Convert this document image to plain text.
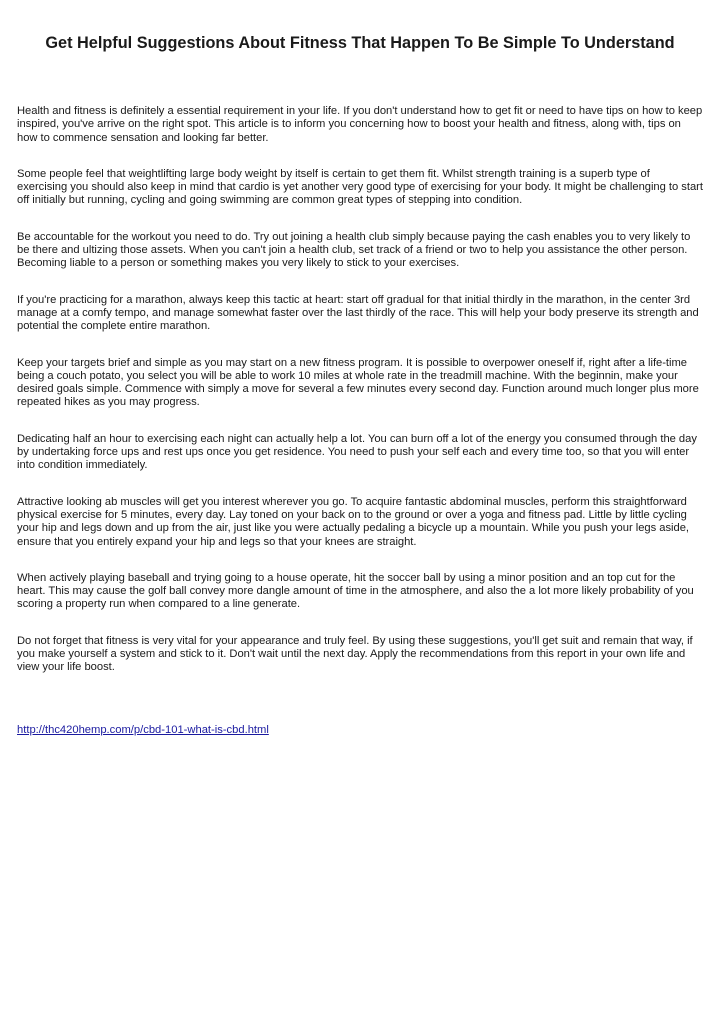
Get Helpful Suggestions About Fitness That Happen To Be Simple To Understand

Health and fitness is definitely a essential requirement in your life. If you don't understand how to get fit or need to have tips on how to keep inspired, you've arrive on the right spot. This article is to inform you concerning how to boost your health and fitness, along with, tips on how to commence sensation and looking far better.

Some people feel that weightlifting large body weight by itself is certain to get them fit. Whilst strength training is a superb type of exercising you should also keep in mind that cardio is yet another very good type of exercising for your body. It might be challenging to start off initially but running, cycling and going swimming are common great types of stepping into condition.

Be accountable for the workout you need to do. Try out joining a health club simply because paying the cash enables you to very likely to be there and ultizing those assets. When you can't join a health club, set track of a friend or two to help you assistance the other person. Becoming liable to a person or something makes you very likely to stick to your exercises.

If you're practicing for a marathon, always keep this tactic at heart: start off gradual for that initial thirdly in the marathon, in the center 3rd manage at a comfy tempo, and manage somewhat faster over the last thirdly of the race. This will help your body preserve its strength and potential the complete entire marathon.

Keep your targets brief and simple as you may start on a new fitness program. It is possible to overpower oneself if, right after a life-time being a couch potato, you select you will be able to work 10 miles at whole rate in the treadmill machine. With the beginnin, make your desired goals simple. Commence with simply a move for several a few minutes every second day. Function around much longer plus more repeated hikes as you may progress.

Dedicating half an hour to exercising each night can actually help a lot. You can burn off a lot of the energy you consumed through the day by undertaking force ups and rest ups once you get residence. You need to push your self each and every time too, so that you will enter into condition immediately.

Attractive looking ab muscles will get you interest wherever you go. To acquire fantastic abdominal muscles, perform this straightforward physical exercise for 5 minutes, every day. Lay toned on your back on to the ground or over a yoga and fitness pad. Little by little cycling your hip and legs down and up from the air, just like you were actually pedaling a bicycle up a mountain. While you push your legs aside, ensure that you entirely expand your hip and legs so that your knees are straight.

When actively playing baseball and trying going to a house operate, hit the soccer ball by using a minor position and an top cut for the heart. This may cause the golf ball convey more dangle amount of time in the atmosphere, and also the a lot more likely probability of you scoring a property run when compared to a line generate.

Do not forget that fitness is very vital for your appearance and truly feel. By using these suggestions, you'll get suit and remain that way, if you make yourself a system and stick to it. Don't wait until the next day. Apply the recommendations from this report in your own life and view your life boost.

http://thc420hemp.com/p/cbd-101-what-is-cbd.html
